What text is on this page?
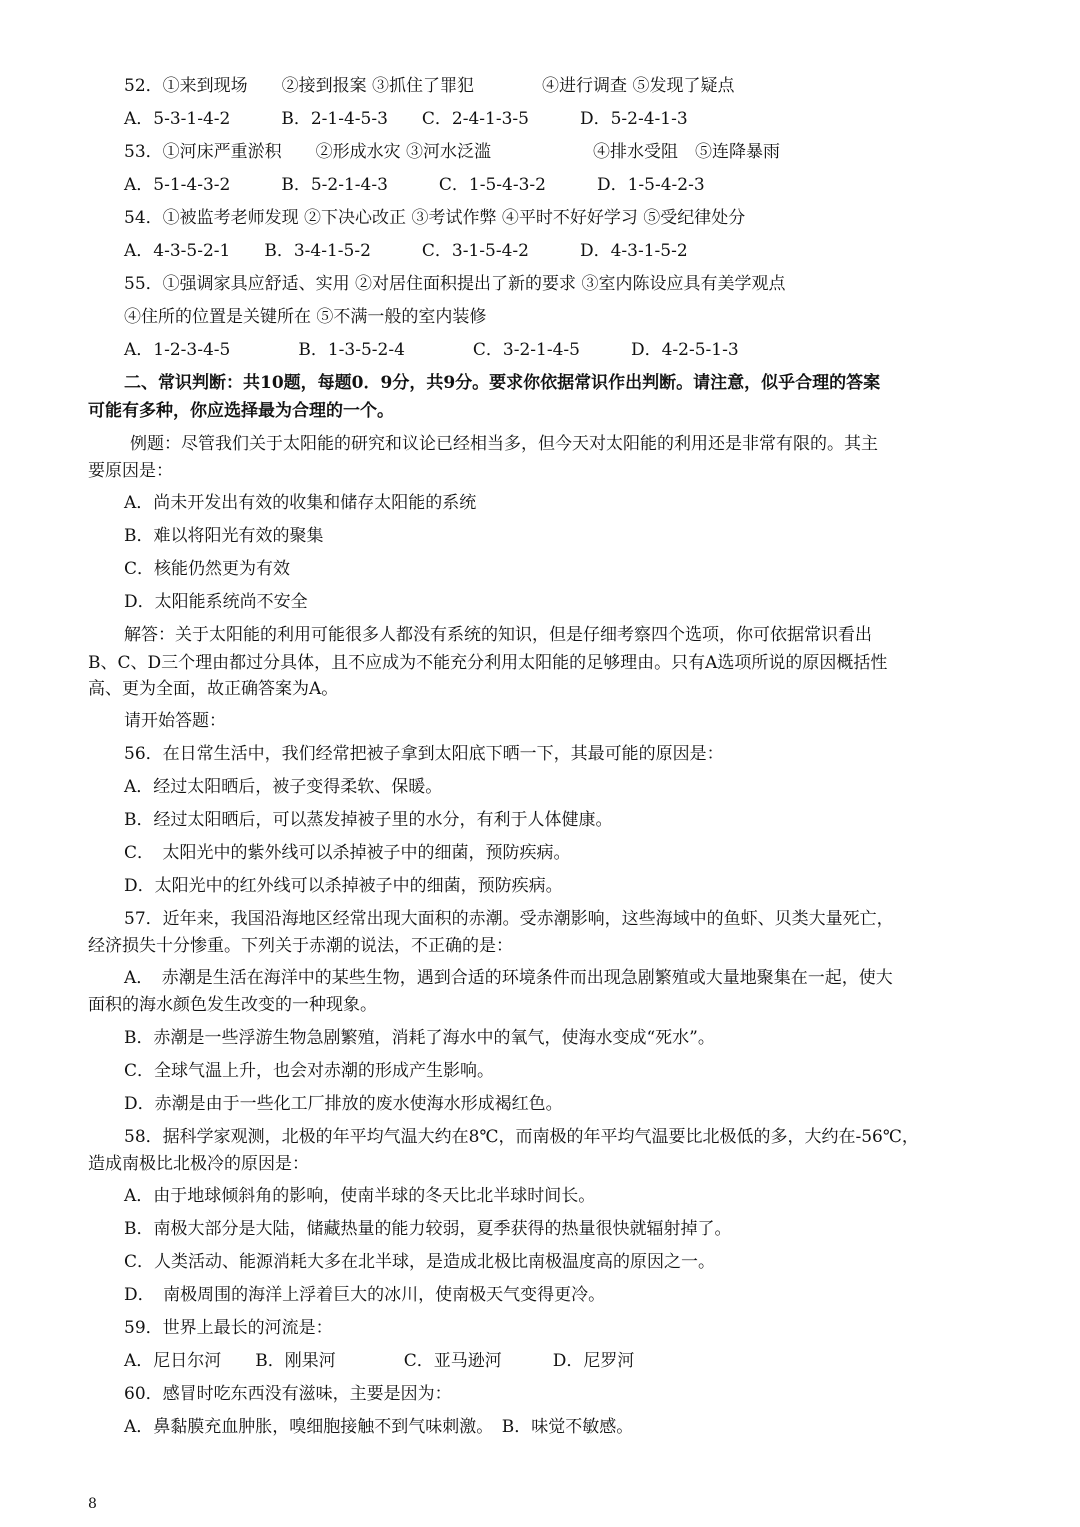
52．①来到现场　　②接到报案 ③抓住了罪犯　　　　④进行调查 ⑤发现了疑点
A．5-3-1-4-2　　　B．2-1-4-5-3　　C．2-4-1-3-5　　　D．5-2-4-1-3
53．①河床严重淤积　　②形成水灾 ③河水泛滥　　　　　　④排水受阻　⑤连降暴雨
A．5-1-4-3-2　　　B．5-2-1-4-3　　　C．1-5-4-3-2　　　D．1-5-4-2-3
54．①被监考老师发现 ②下决心改正 ③考试作弊 ④平时不好好学习 ⑤受纪律处分
A．4-3-5-2-1　　B．3-4-1-5-2　　　C．3-1-5-4-2　　　D．4-3-1-5-2
55．①强调家具应舒适、实用 ②对居住面积提出了新的要求 ③室内陈设应具有美学观点
④住所的位置是关键所在 ⑤不满一般的室内装修
A．1-2-3-4-5　　　　B．1-3-5-2-4　　　　C．3-2-1-4-5　　　D．4-2-5-1-3
二、常识判断：共10题，每题0．9分，共9分。要求你依据常识作出判断。请注意，似乎合理的答案
可能有多种，你应选择最为合理的一个。
例题：尽管我们关于太阳能的研究和议论已经相当多，但今天对太阳能的利用还是非常有限的。其主
要原因是：
A．尚未开发出有效的收集和储存太阳能的系统
B．难以将阳光有效的聚集
C．核能仍然更为有效
D．太阳能系统尚不安全
解答：关于太阳能的利用可能很多人都没有系统的知识，但是仔细考察四个选项，你可依据常识看出
B、C、D三个理由都过分具体，且不应成为不能充分利用太阳能的足够理由。只有A选项所说的原因概括性
高、更为全面，故正确答案为A。
请开始答题：
56．在日常生活中，我们经常把被子拿到太阳底下晒一下，其最可能的原因是：
A．经过太阳晒后，被子变得柔软、保暖。
B．经过太阳晒后，可以蒸发掉被子里的水分，有利于人体健康。
C．　太阳光中的紫外线可以杀掉被子中的细菌，预防疾病。
D．太阳光中的红外线可以杀掉被子中的细菌，预防疾病。
57．近年来，我国沿海地区经常出现大面积的赤潮。受赤潮影响，这些海域中的鱼虾、贝类大量死亡，
经济损失十分惨重。下列关于赤潮的说法，不正确的是：
A．　赤潮是生活在海洋中的某些生物，遇到合适的环境条件而出现急剧繁殖或大量地聚集在一起，使大
面积的海水颜色发生改变的一种现象。
B．赤潮是一些浮游生物急剧繁殖，消耗了海水中的氧气，使海水变成“死水”。
C．全球气温上升，也会对赤潮的形成产生影响。
D．赤潮是由于一些化工厂排放的废水使海水形成褐红色。
58．据科学家观测，北极的年平均气温大约在8℃，而南极的年平均气温要比北极低的多，大约在-56℃，
造成南极比北极冷的原因是：
A．由于地球倾斜角的影响，使南半球的冬天比北半球时间长。
B．南极大部分是大陆，储藏热量的能力较弱，夏季获得的热量很快就辐射掉了。
C．人类活动、能源消耗大多在北半球，是造成北极比南极温度高的原因之一。
D．　南极周围的海洋上浮着巨大的冰川，使南极天气变得更冷。
59．世界上最长的河流是：
A．尼日尔河　　B．刚果河　　　　C．亚马逊河　　　D．尼罗河
60．感冒时吃东西没有滋味，主要是因为：
A．鼻黏膜充血肿胀，嗅细胞接触不到气味刺激。　B．味觉不敏感。
8
